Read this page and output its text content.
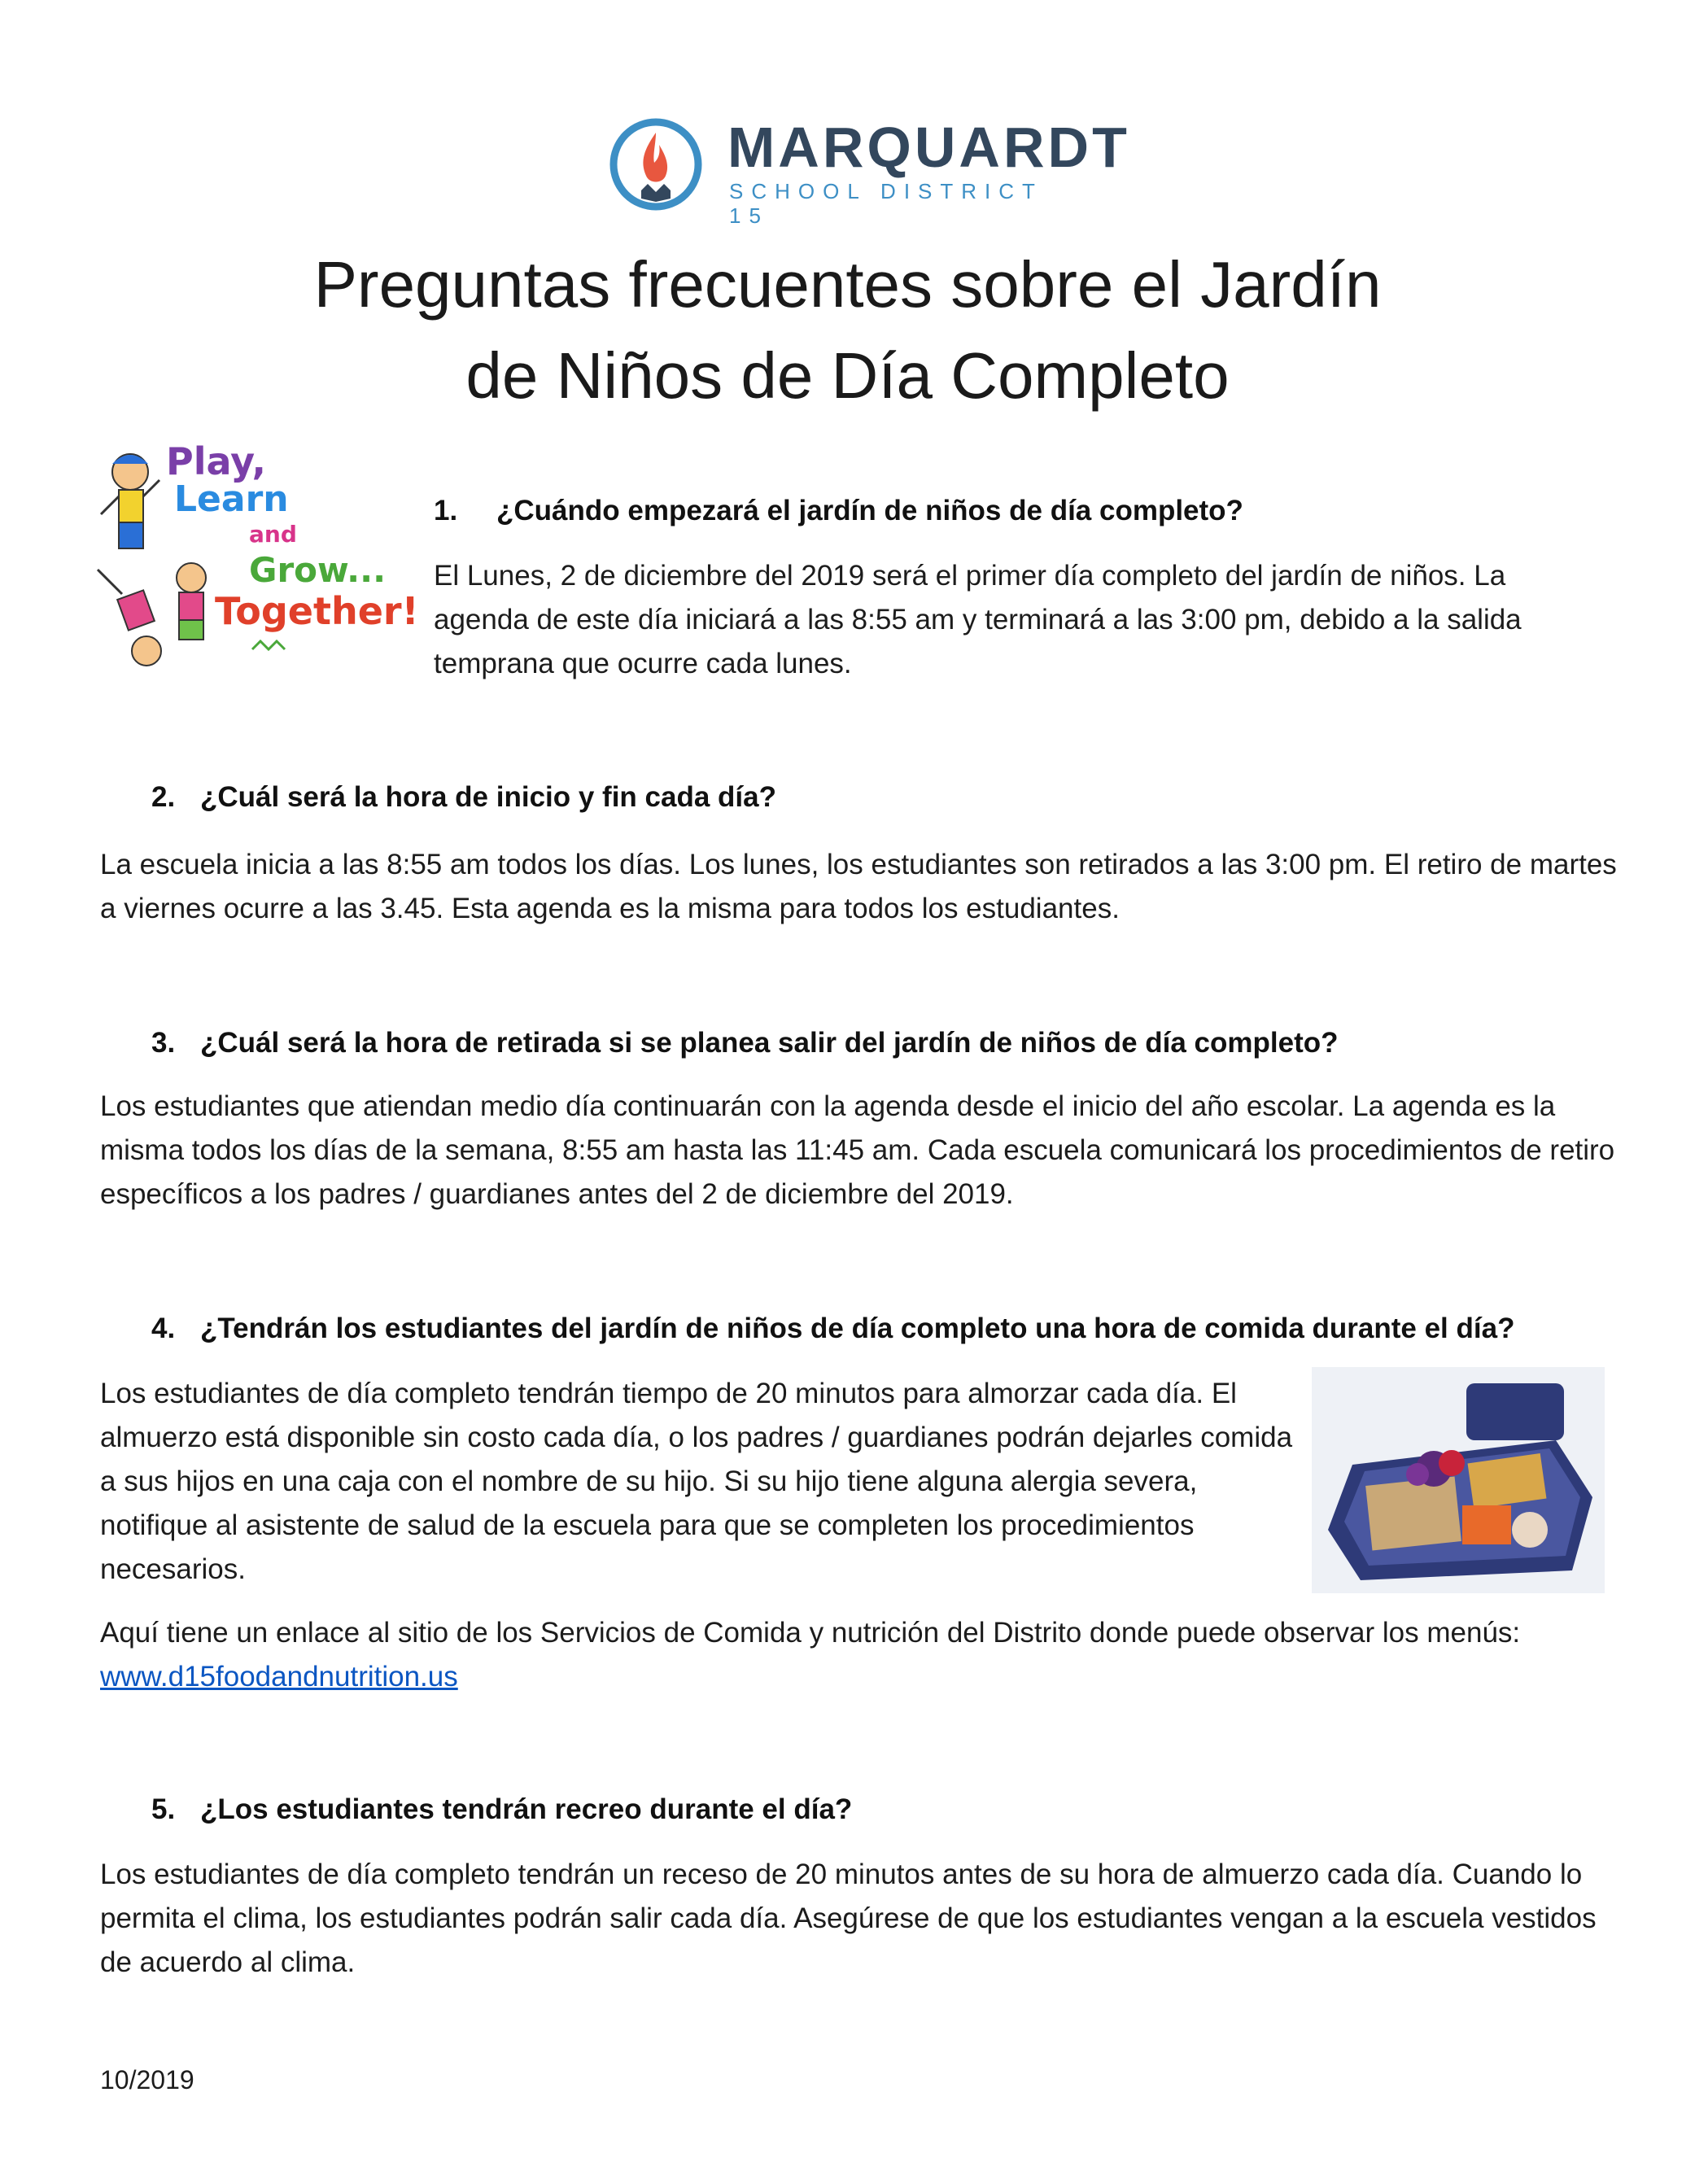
MARQUARDT
SCHOOL DISTRICT 15
Preguntas frecuentes sobre el Jardín
de Niños de Día Completo
Play,
Learn
and
Grow...
Together!
1. ¿Cuándo empezará el jardín de niños de día completo?

El Lunes, 2 de diciembre del 2019 será el primer día completo del jardín de niños. La agenda de este día iniciará a las 8:55 am y terminará a las 3:00 pm, debido a la salida temprana que ocurre cada lunes.

2. ¿Cuál será la hora de inicio y fin cada día?

La escuela inicia a las 8:55 am todos los días. Los lunes, los estudiantes son retirados a las 3:00 pm. El retiro de martes a viernes ocurre a las 3.45. Esta agenda es la misma para todos los estudiantes.

3. ¿Cuál será la hora de retirada si se planea salir del jardín de niños de día completo?

Los estudiantes que atiendan medio día continuarán con la agenda desde el inicio del año escolar. La agenda es la misma todos los días de la semana, 8:55 am hasta las 11:45 am. Cada escuela comunicará los procedimientos de retiro específicos a los padres / guardianes antes del 2 de diciembre del 2019.

4. ¿Tendrán los estudiantes del jardín de niños de día completo una hora de comida durante el día?

Los estudiantes de día completo tendrán tiempo de 20 minutos para almorzar cada día. El almuerzo está disponible sin costo cada día, o los padres / guardianes podrán dejarles comida a sus hijos en una caja con el nombre de su hijo. Si su hijo tiene alguna alergia severa, notifique al asistente de salud de la escuela para que se completen los procedimientos necesarios.

Aquí tiene un enlace al sitio de los Servicios de Comida y nutrición del Distrito donde puede observar los menús: www.d15foodandnutrition.us

5. ¿Los estudiantes tendrán recreo durante el día?

Los estudiantes de día completo tendrán un receso de 20 minutos antes de su hora de almuerzo cada día. Cuando lo permita el clima, los estudiantes podrán salir cada día. Asegúrese de que los estudiantes vengan a la escuela vestidos de acuerdo al clima.

10/2019
